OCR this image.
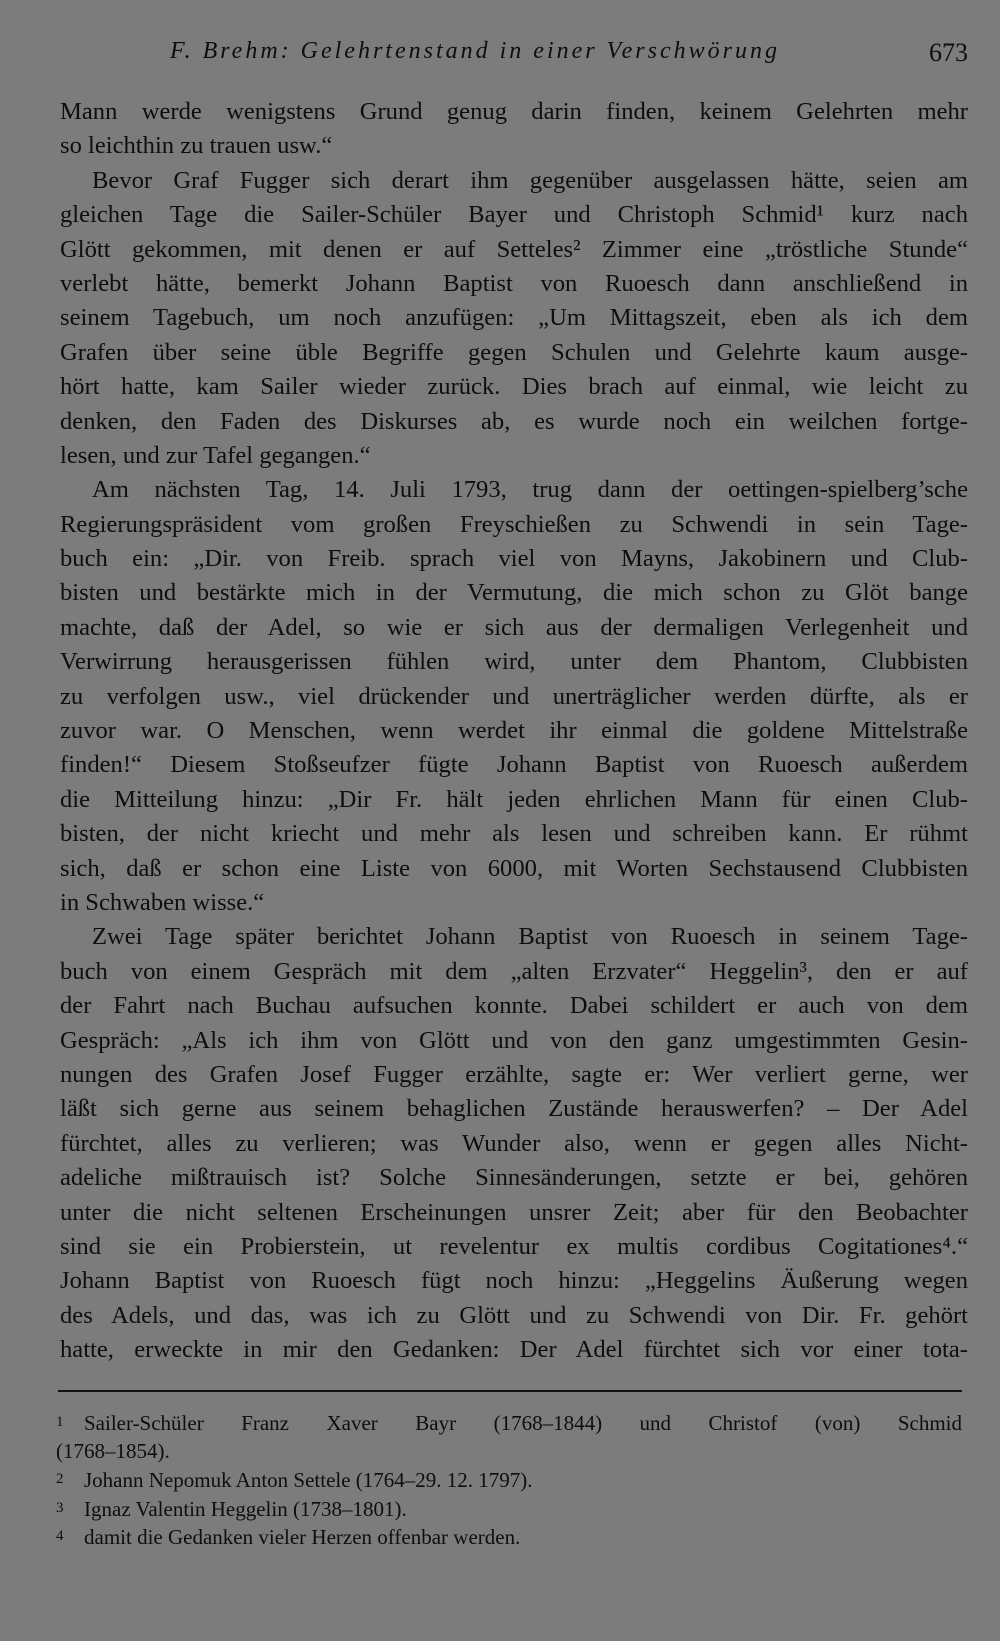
F. Brehm: Gelehrtenstand in einer Verschwörung	673
Mann werde wenigstens Grund genug darin finden, keinem Gelehrten mehr
so leichthin zu trauen usw.“
Bevor Graf Fugger sich derart ihm gegenüber ausgelassen hätte, seien am
gleichen Tage die Sailer-Schüler Bayer und Christoph Schmid¹ kurz nach
Glött gekommen, mit denen er auf Setteles² Zimmer eine „tröstliche Stunde“
verlebt hätte, bemerkt Johann Baptist von Ruoesch dann anschließend in
seinem Tagebuch, um noch anzufügen: „Um Mittagszeit, eben als ich dem
Grafen über seine üble Begriffe gegen Schulen und Gelehrte kaum ausge-
hört hatte, kam Sailer wieder zurück. Dies brach auf einmal, wie leicht zu
denken, den Faden des Diskurses ab, es wurde noch ein weilchen fortge-
lesen, und zur Tafel gegangen.“
Am nächsten Tag, 14. Juli 1793, trug dann der oettingen-spielberg’sche
Regierungspräsident vom großen Freyschießen zu Schwendi in sein Tage-
buch ein: „Dir. von Freib. sprach viel von Mayns, Jakobinern und Club-
bisten und bestärkte mich in der Vermutung, die mich schon zu Glöt bange
machte, daß der Adel, so wie er sich aus der dermaligen Verlegenheit und
Verwirrung herausgerissen fühlen wird, unter dem Phantom, Clubbisten
zu verfolgen usw., viel drückender und unerträglicher werden dürfte, als er
zuvor war. O Menschen, wenn werdet ihr einmal die goldene Mittelstraße
finden!“ Diesem Stoßseufzer fügte Johann Baptist von Ruoesch außerdem
die Mitteilung hinzu: „Dir Fr. hält jeden ehrlichen Mann für einen Club-
bisten, der nicht kriecht und mehr als lesen und schreiben kann. Er rühmt
sich, daß er schon eine Liste von 6000, mit Worten Sechstausend Clubbisten
in Schwaben wisse.“
Zwei Tage später berichtet Johann Baptist von Ruoesch in seinem Tage-
buch von einem Gespräch mit dem „alten Erzvater“ Heggelin³, den er auf
der Fahrt nach Buchau aufsuchen konnte. Dabei schildert er auch von dem
Gespräch: „Als ich ihm von Glött und von den ganz umgestimmten Gesin-
nungen des Grafen Josef Fugger erzählte, sagte er: Wer verliert gerne, wer
läßt sich gerne aus seinem behaglichen Zustände herauswerfen? – Der Adel
fürchtet, alles zu verlieren; was Wunder also, wenn er gegen alles Nicht-
adeliche mißtrauisch ist? Solche Sinnesänderungen, setzte er bei, gehören
unter die nicht seltenen Erscheinungen unsrer Zeit; aber für den Beobachter
sind sie ein Probierstein, ut revelentur ex multis cordibus Cogitationes⁴.“
Johann Baptist von Ruoesch fügt noch hinzu: „Heggelins Äußerung wegen
des Adels, und das, was ich zu Glött und zu Schwendi von Dir. Fr. gehört
hatte, erweckte in mir den Gedanken: Der Adel fürchtet sich vor einer tota-
1 Sailer-Schüler Franz Xaver Bayr (1768–1844) und Christof (von) Schmid
(1768–1854).
2 Johann Nepomuk Anton Settele (1764–29. 12. 1797).
3 Ignaz Valentin Heggelin (1738–1801).
4 damit die Gedanken vieler Herzen offenbar werden.
